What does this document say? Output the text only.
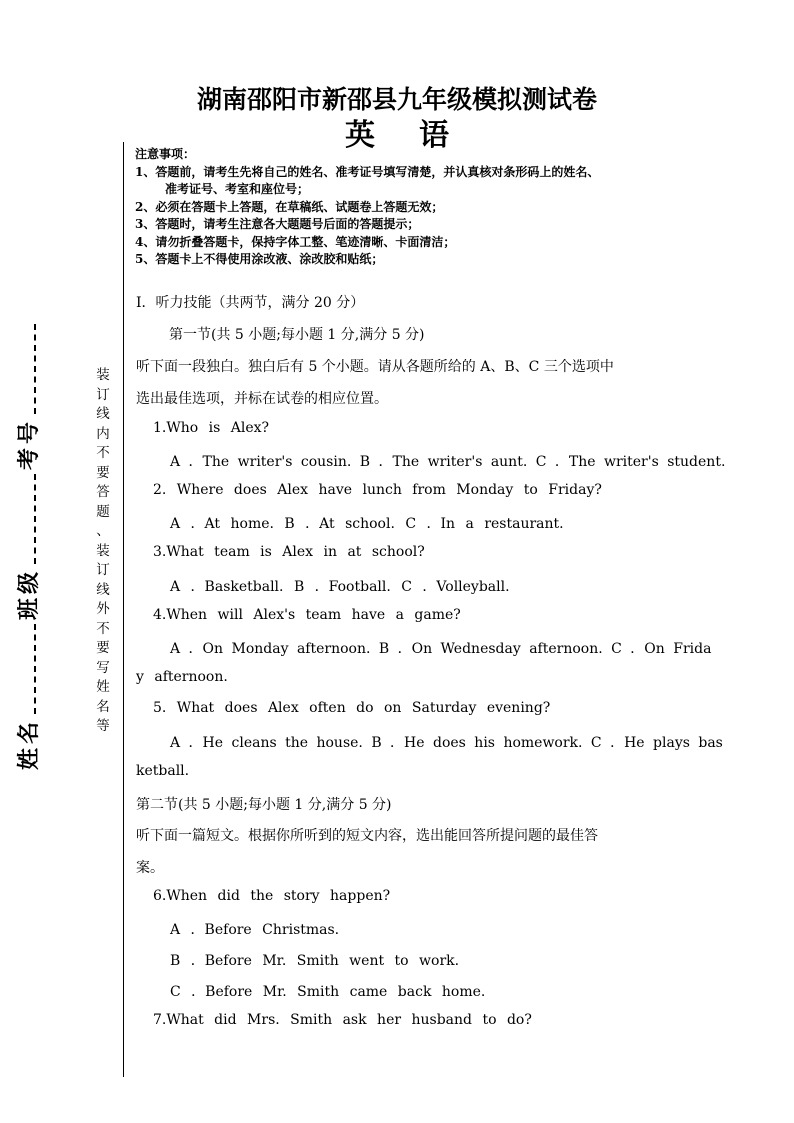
湖南邵阳市新邵县九年级模拟测试卷
英 语
注意事项：
1、答题前，请考生先将自己的姓名、准考证号填写清楚，并认真核对条形码上的姓名、
准考证号、考室和座位号；
2、必须在答题卡上答题，在草稿纸、试题卷上答题无效；
3、答题时，请考生注意各大题题号后面的答题提示；
4、请勿折叠答题卡，保持字体工整、笔迹清晰、卡面清洁；
5、答题卡上不得使用涂改液、涂改胶和贴纸；
姓名班级考号
装
订
线
内
不
要
答
题
、
装
订
线
外
不
要
写
姓
名
等
I．听力技能（共两节，满分 20 分）
第一节(共 5 小题;每小题 1 分,满分 5 分)
听下面一段独白。独白后有 5 个小题。请从各题所给的 A、B、C 三个选项中
选出最佳选项，并标在试卷的相应位置。
1.Who is Alex?
A ．The writer's cousin. B ．The writer's aunt. C ．The writer's student.
2. Where does Alex have lunch from Monday to Friday?
A ．At home. B ．At school. C ．In a restaurant.
3.What team is Alex in at school?
A ．Basketball. B ．Football. C ．Volleyball.
4.When will Alex's team have a game?
A ．On Monday afternoon. B ．On Wednesday afternoon. C ．On Frida
y afternoon.
5. What does Alex often do on Saturday evening?
A ．He cleans the house. B ．He does his homework. C ．He plays bas
ketball.
第二节(共 5 小题;每小题 1 分,满分 5 分)
听下面一篇短文。根据你所听到的短文内容，选出能回答所提问题的最佳答
案。
6.When did the story happen?
A ．Before Christmas.
B ．Before Mr. Smith went to work.
C ．Before Mr. Smith came back home.
7.What did Mrs. Smith ask her husband to do?
